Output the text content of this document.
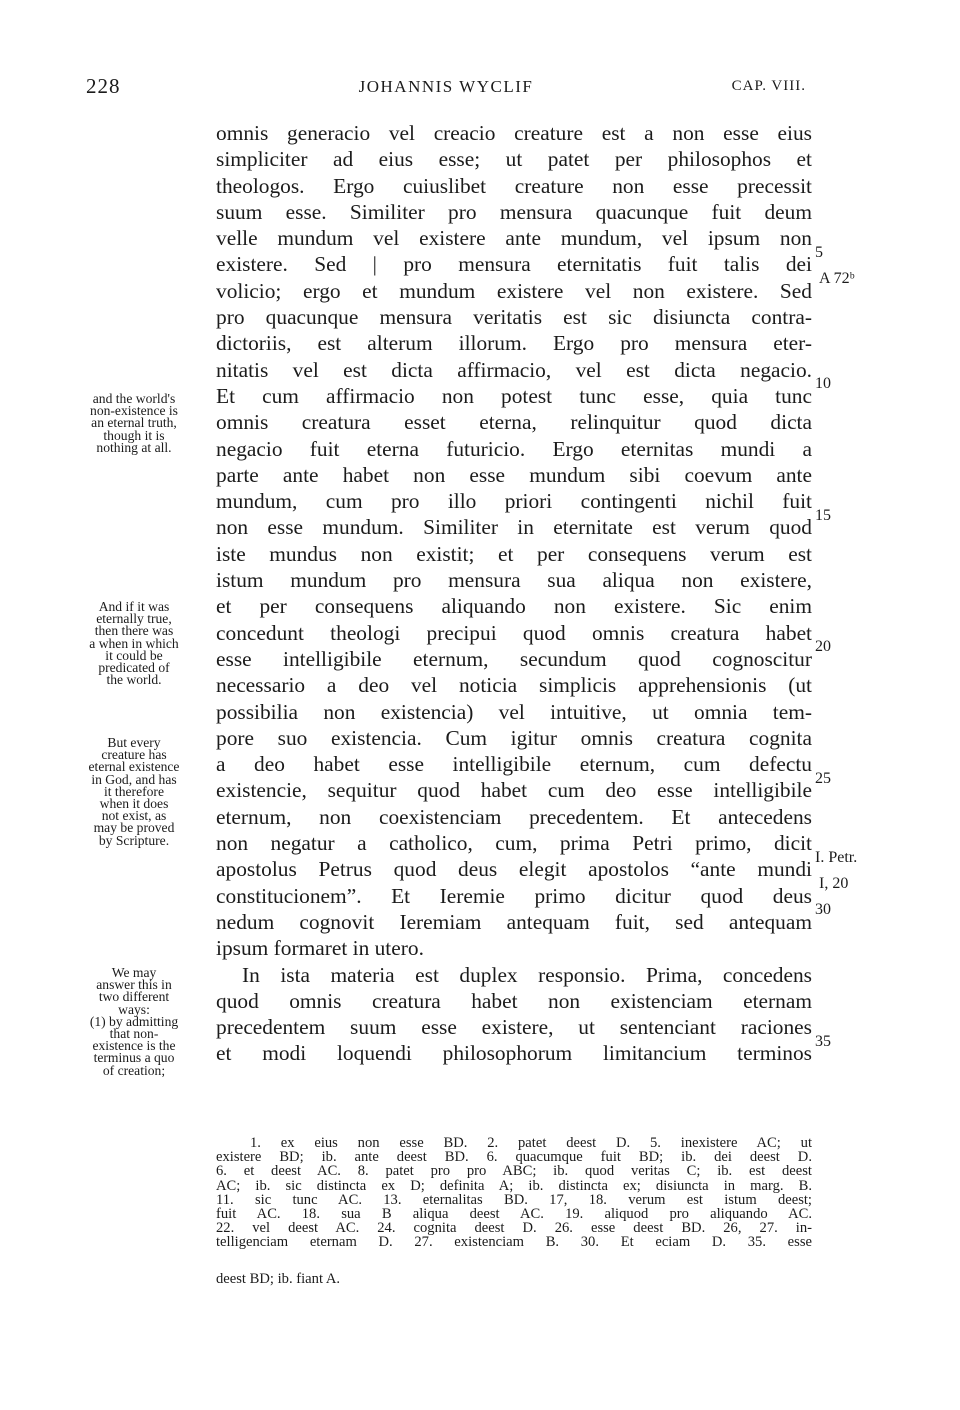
228	JOHANNIS WYCLIF	CAP. VIII.
omnis generacio vel creacio creature est a non esse eius
simpliciter ad eius esse; ut patet per philosophos et
theologos. Ergo cuiuslibet creature non esse precessit
suum esse. Similiter pro mensura quacunque fuit deum
velle mundum vel existere ante mundum, vel ipsum non
existere. Sed | pro mensura eternitatis fuit talis dei
volicio; ergo et mundum existere vel non existere. Sed
pro quacunque mensura veritatis est sic disiuncta contra-
dictoriis, est alterum illorum. Ergo pro mensura eter-
nitatis vel est dicta affirmacio, vel est dicta negacio.
Et cum affirmacio non potest tunc esse, quia tunc
omnis creatura esset eterna, relinquitur quod dicta
negacio fuit eterna futuricio. Ergo eternitas mundi a
parte ante habet non esse mundum sibi coevum ante
mundum, cum pro illo priori contingenti nichil fuit
non esse mundum. Similiter in eternitate est verum quod
iste mundus non existit; et per consequens verum est
istum mundum pro mensura sua aliqua non existere,
et per consequens aliquando non existere. Sic enim
concedunt theologi precipui quod omnis creatura habet
esse intelligibile eternum, secundum quod cognoscitur
necessario a deo vel noticia simplicis apprehensionis (ut
possibilia non existencia) vel intuitive, ut omnia tem-
pore suo existencia. Cum igitur omnis creatura cognita
a deo habet esse intelligibile eternum, cum defectu
existencie, sequitur quod habet cum deo esse intelligibile
eternum, non coexistenciam precedentem. Et antecedens
non negatur a catholico, cum, prima Petri primo, dicit
apostolus Petrus quod deus elegit apostolos “ante mundi
constitucionem”. Et Ieremie primo dicitur quod deus
nedum cognovit Ieremiam antequam fuit, sed antequam
ipsum formaret in utero.
In ista materia est duplex responsio. Prima, concedens
quod omnis creatura habet non existenciam eternam
precedentem suum esse existere, ut sentenciant raciones
et modi loquendi philosophorum limitancium terminos
5
A 72ᵇ
10
15
20
25
I. Petr.
I, 20
30
35
and the world's
non-existence is
an eternal truth,
though it is
nothing at all.
And if it was
eternally true,
then there was
a when in which
it could be
predicated of
the world.
But every
creature has
eternal existence
in God, and has
it therefore
when it does
not exist, as
may be proved
by Scripture.
We may
answer this in
two different
ways:
(1) by admitting
that non-
existence is the
terminus a quo
of creation;
1. ex eius non esse BD. 2. patet deest D. 5. inexistere AC; ut
existere BD; ib. ante deest BD. 6. quacumque fuit BD; ib. dei deest D.
6. et deest AC. 8. patet pro pro ABC; ib. quod veritas C; ib. est deest
AC; ib. sic distincta ex D; definita A; ib. distincta ex; disiuncta in marg. B.
11. sic tunc AC. 13. eternalitas BD. 17, 18. verum est istum deest;
fuit AC. 18. sua B aliqua deest AC. 19. aliquod pro aliquando AC.
22. vel deest AC. 24. cognita deest D. 26. esse deest BD. 26, 27. in-
telligenciam eternam D. 27. existenciam B. 30. Et eciam D. 35. esse
deest BD; ib. fiant A.
